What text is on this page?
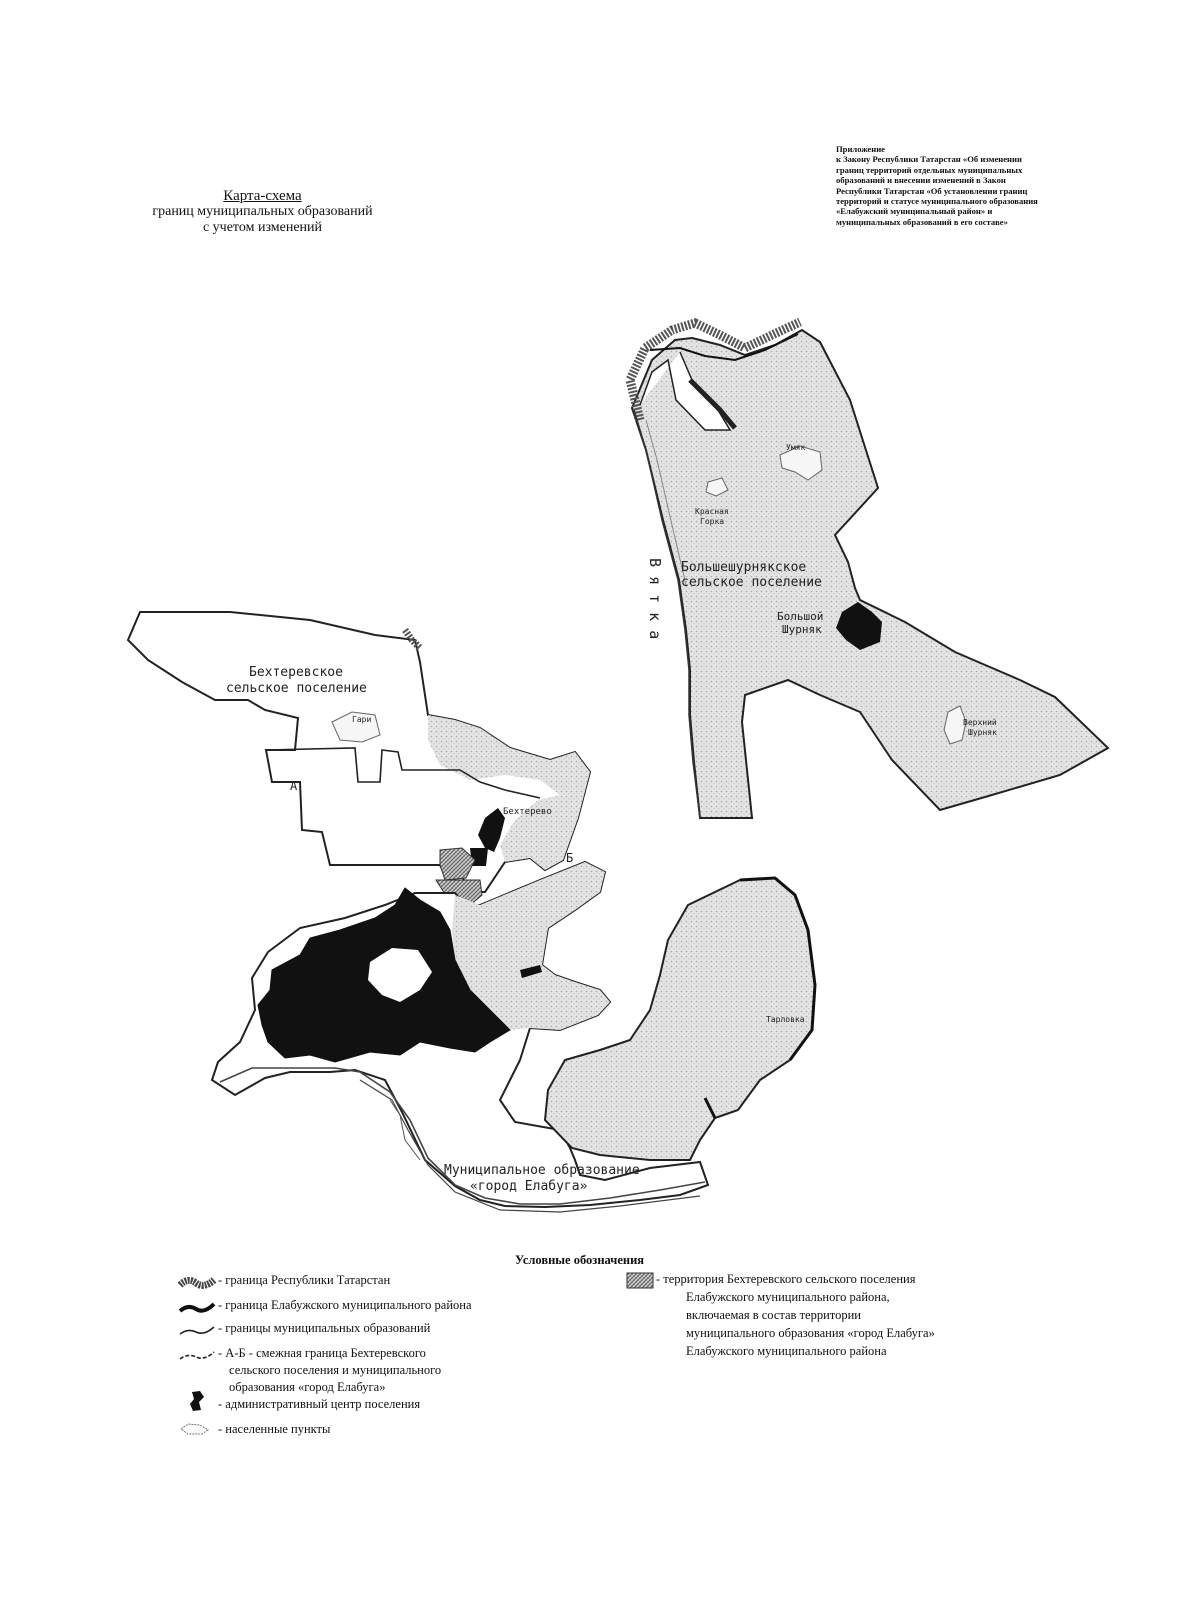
Карта-схема
границ муниципальных образований
с учетом изменений
Приложение
к Закону Республики Татарстан «Об изменении
границ территорий отдельных муниципальных
образований и внесении изменений в Закон
Республики Татарстан «Об установлении границ
территорий и статусе муниципального образования
«Елабужский муниципальный район» и
муниципальных образований в его составе»
В я т к а Большешурнякское
сельское поселение
Большой
Шурняк
Умяк
Красная
Горка
Верхний
Шурняк
Бехтеревское
сельское поселение
Гари
Бехтерево
А
Б
Тарловка
Муниципальное образование
«город Елабуга»
Условные обозначения
- граница Республики Татарстан
- граница Елабужского муниципального района
- границы муниципальных образований
- А-Б - смежная граница Бехтеревского
сельского поселения и муниципального
образования «город Елабуга»
- административный центр поселения
- населенные пункты
- территория Бехтеревского сельского поселения
Елабужского муниципального района,
включаемая в состав территории
муниципального образования «город Елабуга»
Елабужского муниципального района
